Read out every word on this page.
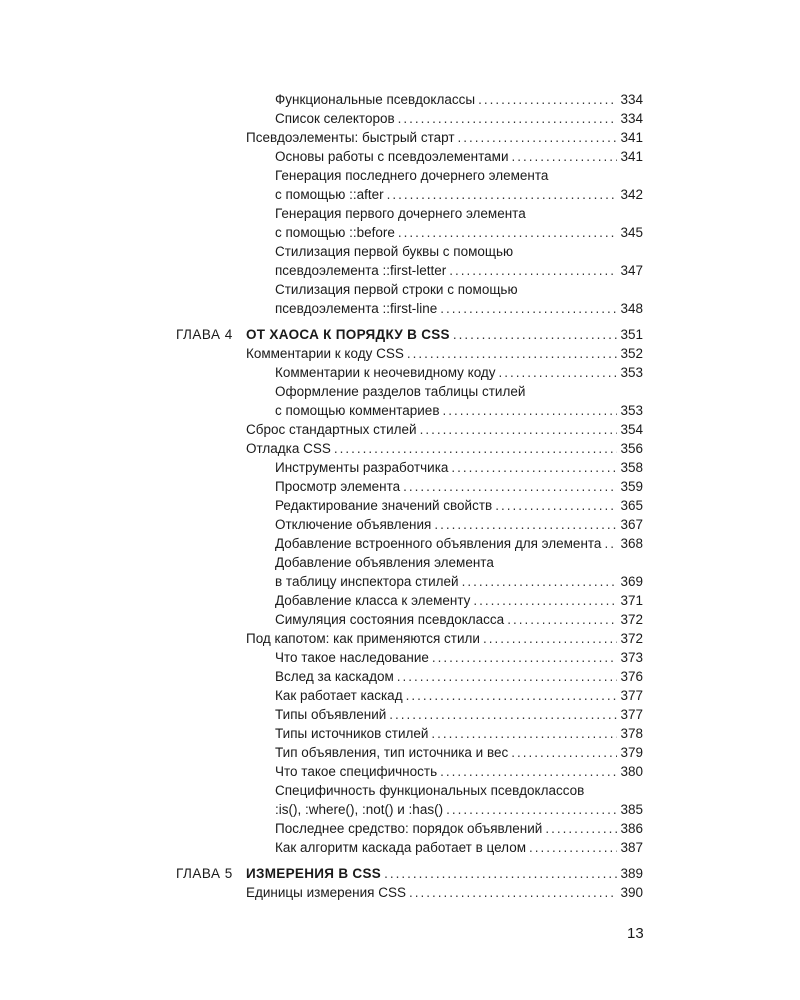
Функциональные псевдоклассы .....	334
Список селекторов .....	334
Псевдоэлементы: быстрый старт .....	341
Основы работы с псевдоэлементами .....	341
Генерация последнего дочернего элемента
с помощью ::after .....	342
Генерация первого дочернего элемента
с помощью ::before .....	345
Стилизация первой буквы с помощью
псевдоэлемента ::first-letter .....	347
Стилизация первой строки с помощью
псевдоэлемента ::first-line .....	348
ГЛАВА 4 ОТ ХАОСА К ПОРЯДКУ В CSS .....	351
Комментарии к коду CSS .....	352
Комментарии к неочевидному коду .....	353
Оформление разделов таблицы стилей
с помощью комментариев .....	353
Сброс стандартных стилей .....	354
Отладка CSS .....	356
Инструменты разработчика .....	358
Просмотр элемента .....	359
Редактирование значений свойств .....	365
Отключение объявления .....	367
Добавление встроенного объявления для элемента ..... 368
Добавление объявления элемента
в таблицу инспектора стилей .....	369
Добавление класса к элементу .....	371
Симуляция состояния псевдокласса .....	372
Под капотом: как применяются стили .....	372
Что такое наследование .....	373
Вслед за каскадом .....	376
Как работает каскад .....	377
Типы объявлений .....	377
Типы источников стилей .....	378
Тип объявления, тип источника и вес .....	379
Что такое специфичность .....	380
Специфичность функциональных псевдоклассов
:is(), :where(), :not() и :has() .....	385
Последнее средство: порядок объявлений .....	386
Как алгоритм каскада работает в целом .....	387
ГЛАВА 5 ИЗМЕРЕНИЯ В CSS .....	389
Единицы измерения CSS .....	390
13
